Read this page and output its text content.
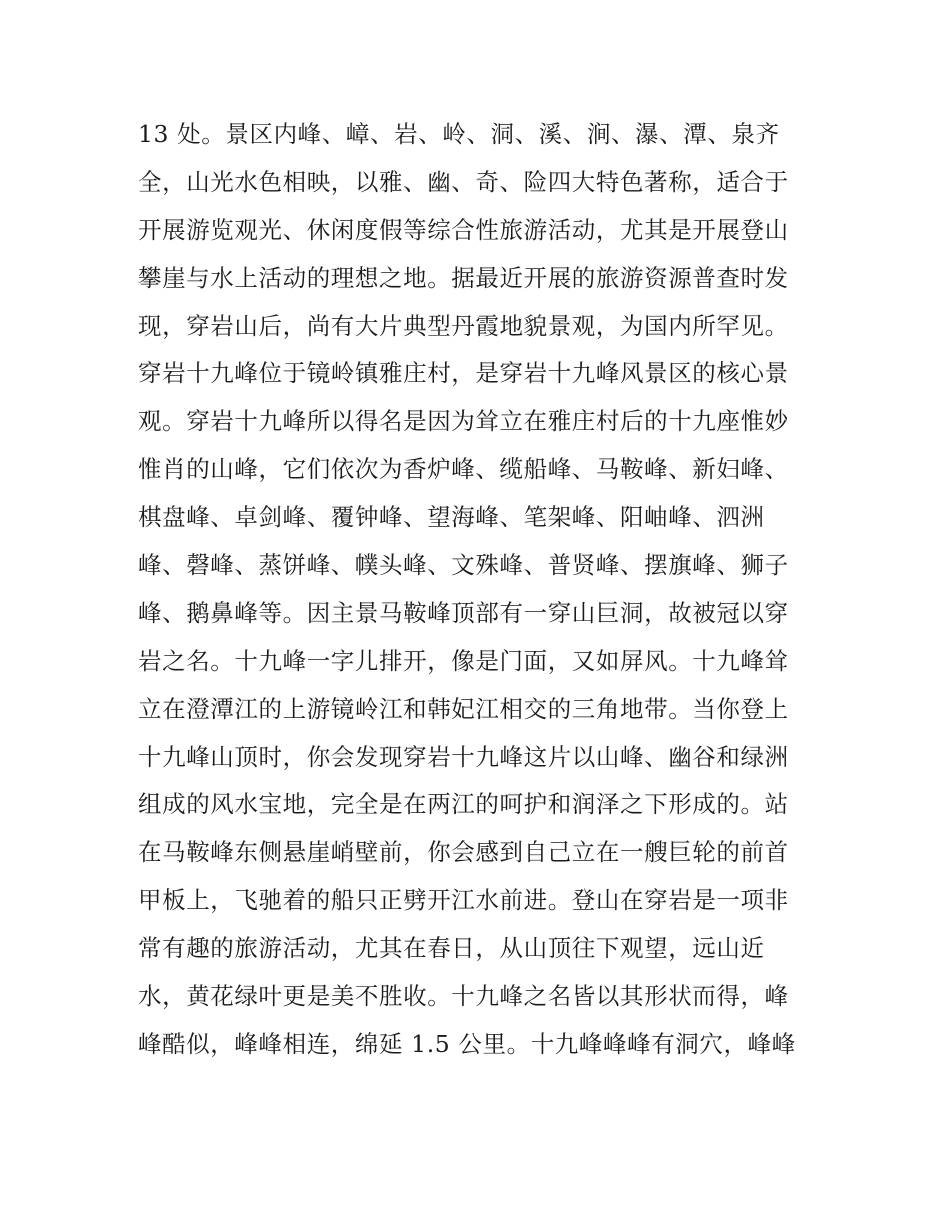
13 处。景区内峰、嶂、岩、岭、洞、溪、涧、瀑、潭、泉齐
全，山光水色相映，以雅、幽、奇、险四大特色著称，适合于
开展游览观光、休闲度假等综合性旅游活动，尤其是开展登山
攀崖与水上活动的理想之地。据最近开展的旅游资源普查时发
现，穿岩山后，尚有大片典型丹霞地貌景观，为国内所罕见。
穿岩十九峰位于镜岭镇雅庄村，是穿岩十九峰风景区的核心景
观。穿岩十九峰所以得名是因为耸立在雅庄村后的十九座惟妙
惟肖的山峰，它们依次为香炉峰、缆船峰、马鞍峰、新妇峰、
棋盘峰、卓剑峰、覆钟峰、望海峰、笔架峰、阳岫峰、泗洲
峰、磬峰、蒸饼峰、幞头峰、文殊峰、普贤峰、摆旗峰、狮子
峰、鹅鼻峰等。因主景马鞍峰顶部有一穿山巨洞，故被冠以穿
岩之名。十九峰一字儿排开，像是门面，又如屏风。十九峰耸
立在澄潭江的上游镜岭江和韩妃江相交的三角地带。当你登上
十九峰山顶时，你会发现穿岩十九峰这片以山峰、幽谷和绿洲
组成的风水宝地，完全是在两江的呵护和润泽之下形成的。站
在马鞍峰东侧悬崖峭壁前，你会感到自己立在一艘巨轮的前首
甲板上，飞驰着的船只正劈开江水前进。登山在穿岩是一项非
常有趣的旅游活动，尤其在春日，从山顶往下观望，远山近
水，黄花绿叶更是美不胜收。十九峰之名皆以其形状而得，峰
峰酷似，峰峰相连，绵延 1.5 公里。十九峰峰峰有洞穴，峰峰
